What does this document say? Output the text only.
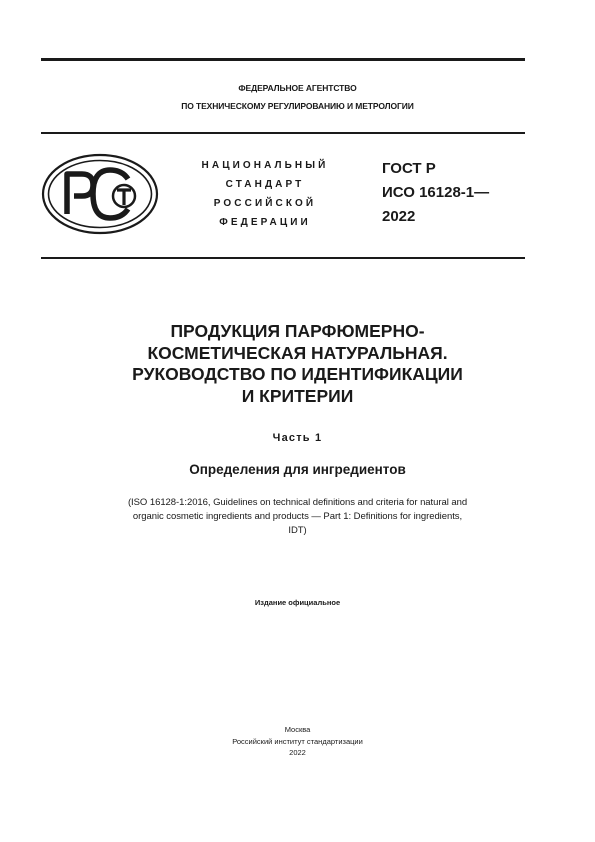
ФЕДЕРАЛЬНОЕ АГЕНТСТВО
ПО ТЕХНИЧЕСКОМУ РЕГУЛИРОВАНИЮ И МЕТРОЛОГИИ
НАЦИОНАЛЬНЫЙ
СТАНДАРТ
РОССИЙСКОЙ
ФЕДЕРАЦИИ
ГОСТ Р
ИСО 16128-1—
2022
ПРОДУКЦИЯ ПАРФЮМЕРНО-
КОСМЕТИЧЕСКАЯ НАТУРАЛЬНАЯ.
РУКОВОДСТВО ПО ИДЕНТИФИКАЦИИ
И КРИТЕРИИ
Часть 1
Определения для ингредиентов
(ISO 16128-1:2016, Guidelines on technical definitions and criteria for natural and
organic cosmetic ingredients and products — Part 1: Definitions for ingredients,
IDT)
Издание официальное
Москва
Российский институт стандартизации
2022
